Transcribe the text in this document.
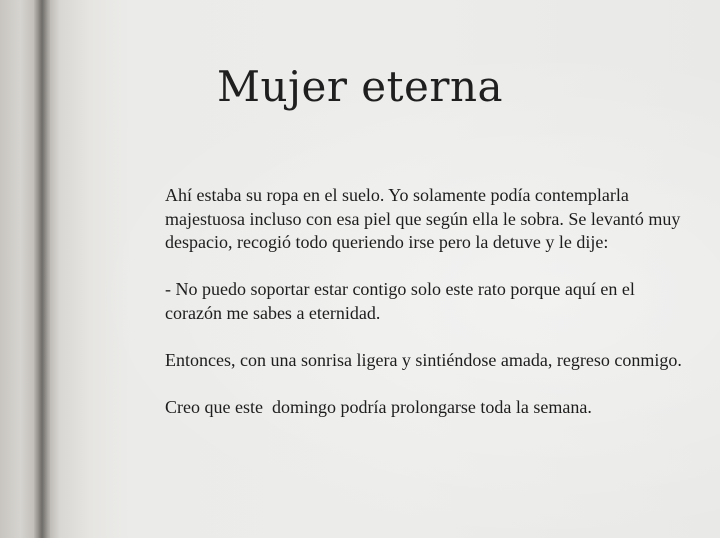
Mujer eterna

Ahí estaba su ropa en el suelo. Yo solamente podía contemplarla majestuosa incluso con esa piel que según ella le sobra. Se levantó muy despacio, recogió todo queriendo irse pero la detuve y le dije:

- No puedo soportar estar contigo solo este rato porque aquí en el corazón me sabes a eternidad.

Entonces, con una sonrisa ligera y sintiéndose amada, regreso conmigo.

Creo que este  domingo podría prolongarse toda la semana.
